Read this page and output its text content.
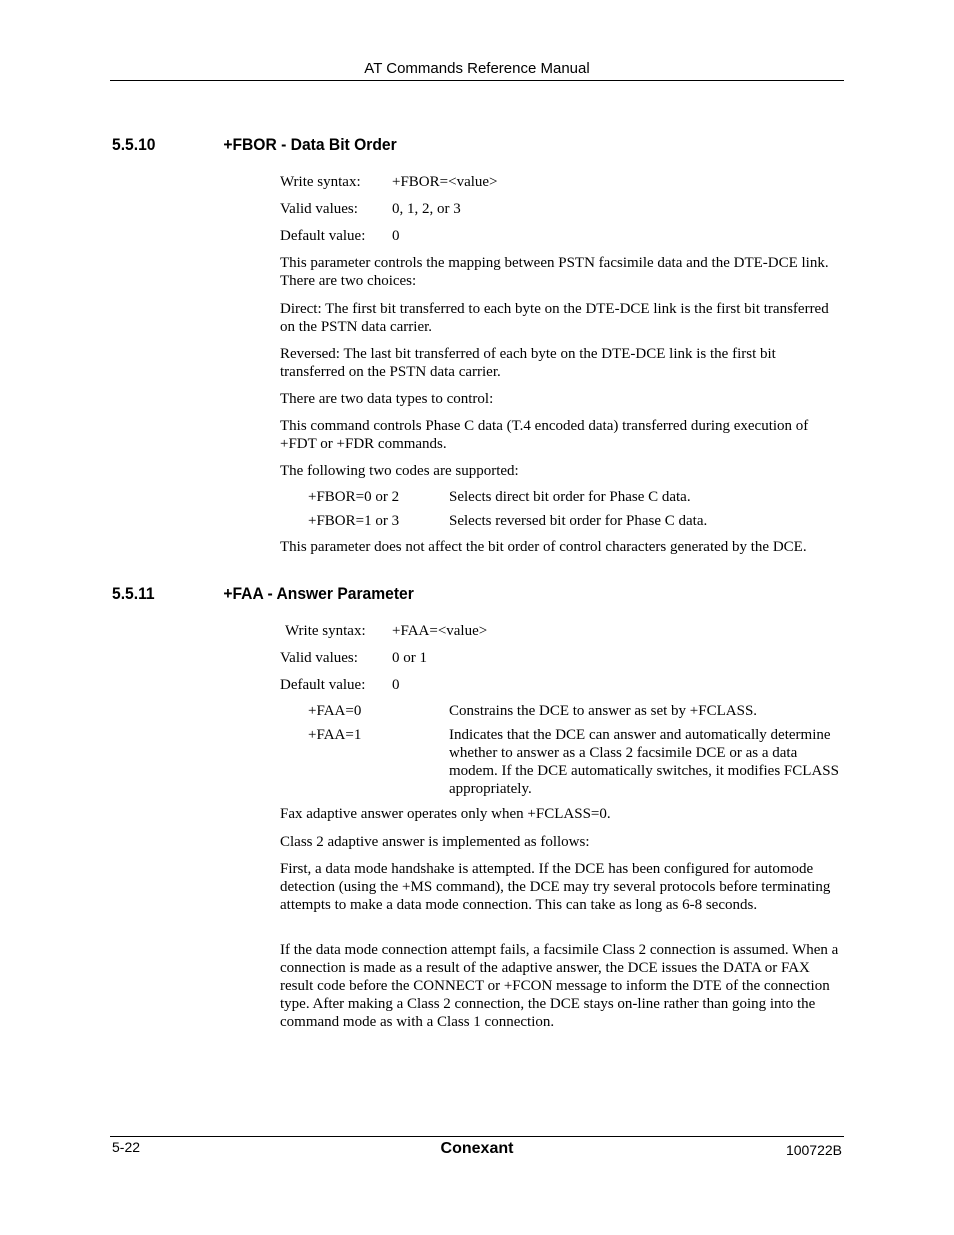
AT Commands Reference Manual
5.5.10	+FBOR - Data Bit Order
Write syntax: +FBOR=<value>
Valid values: 0, 1, 2, or 3
Default value: 0
This parameter controls the mapping between PSTN facsimile data and the DTE-DCE link. There are two choices:
Direct: The first bit transferred to each byte on the DTE-DCE link is the first bit transferred on the PSTN data carrier.
Reversed: The last bit transferred of each byte on the DTE-DCE link is the first bit transferred on the PSTN data carrier.
There are two data types to control:
This command controls Phase C data (T.4 encoded data) transferred during execution of +FDT or +FDR commands.
The following two codes are supported:
+FBOR=0 or 2	Selects direct bit order for Phase C data.
+FBOR=1 or 3	Selects reversed bit order for Phase C data.
This parameter does not affect the bit order of control characters generated by the DCE.
5.5.11	+FAA - Answer Parameter
Write syntax: +FAA=<value>
Valid values: 0 or 1
Default value: 0
+FAA=0	Constrains the DCE to answer as set by +FCLASS.
+FAA=1	Indicates that the DCE can answer and automatically determine whether to answer as a Class 2 facsimile DCE or as a data modem. If the DCE automatically switches, it modifies FCLASS appropriately.
Fax adaptive answer operates only when +FCLASS=0.
Class 2 adaptive answer is implemented as follows:
First, a data mode handshake is attempted. If the DCE has been configured for automode detection (using the +MS command), the DCE may try several protocols before terminating attempts to make a data mode connection. This can take as long as 6-8 seconds.
If the data mode connection attempt fails, a facsimile Class 2 connection is assumed. When a connection is made as a result of the adaptive answer, the DCE issues the DATA or FAX result code before the CONNECT or +FCON message to inform the DTE of the connection type. After making a Class 2 connection, the DCE stays on-line rather than going into the command mode as with a Class 1 connection.
5-22	Conexant	100722B
